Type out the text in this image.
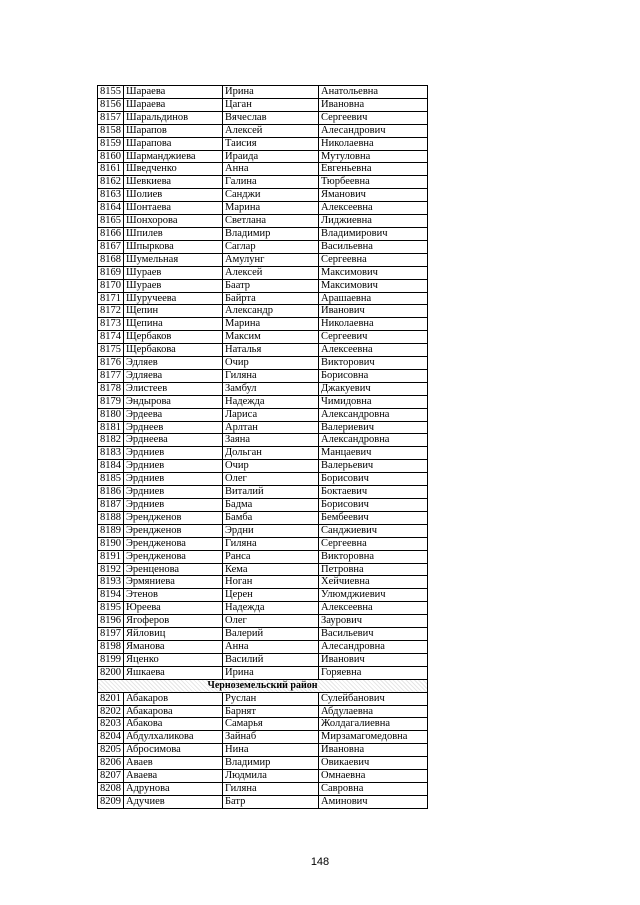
8155	Шараева	Ирина	Анатольевна
8156	Шараева	Цаган	Ивановна
8157	Шаральдинов	Вячеслав	Сергеевич
8158	Шарапов	Алексей	Алесандрович
8159	Шарапова	Таисия	Николаевна
8160	Шарманджиева	Ираида	Мутуловна
8161	Шведченко	Анна	Евгеньевна
8162	Шевкиева	Галина	Тюрбеевна
8163	Шолиев	Санджи	Яманович
8164	Шонтаева	Марина	Алексеевна
8165	Шонхорова	Светлана	Лиджиевна
8166	Шпилев	Владимир	Владимирович
8167	Шпыркова	Саглар	Васильевна
8168	Шумельная	Амулунг	Сергеевна
8169	Шураев	Алексей	Максимович
8170	Шураев	Баатр	Максимович
8171	Шуручеева	Байрта	Арашаевна
8172	Щепин	Александр	Иванович
8173	Щепина	Марина	Николаевна
8174	Щербаков	Максим	Сергеевич
8175	Щербакова	Наталья	Алексеевна
8176	Эдляев	Очир	Викторович
8177	Эдляева	Гиляна	Борисовна
8178	Элистеев	Замбул	Джакуевич
8179	Эндырова	Надежда	Чимидовна
8180	Эрдеева	Лариса	Александровна
8181	Эрднеев	Арлтан	Валериевич
8182	Эрднеева	Заяна	Александровна
8183	Эрдниев	Дольган	Манцаевич
8184	Эрдниев	Очир	Валерьевич
8185	Эрдниев	Олег	Борисович
8186	Эрдниев	Виталий	Боктаевич
8187	Эрдниев	Бадма	Борисович
8188	Эрендженов	Бамба	Бембеевич
8189	Эрендженов	Эрдни	Санджиевич
8190	Эрендженова	Гиляна	Сергеевна
8191	Эрендженова	Ранса	Викторовна
8192	Эренценова	Кема	Петровна
8193	Эрмяниева	Ноган	Хейчиевна
8194	Этенов	Церен	Улюмджиевич
8195	Юреева	Надежда	Алексеевна
8196	Ягоферов	Олег	Заурович
8197	Яйловиц	Валерий	Васильевич
8198	Яманова	Анна	Алесандровна
8199	Яценко	Василий	Иванович
8200	Яшкаева	Ирина	Горяевна
Черноземельский район			
8201	Абакаров	Руслан	Сулейбанович
8202	Абакарова	Барнят	Абдулаевна
8203	Абакова	Самарья	Жолдагалиевна
8204	Абдулхаликова	Зайнаб	Мирзамагомедовна
8205	Абросимова	Нина	Ивановна
8206	Аваев	Владимир	Овикаевич
8207	Аваева	Людмила	Омнаевна
8208	Адрунова	Гиляна	Савровна
8209	Адучиев	Батр	Аминович
148
